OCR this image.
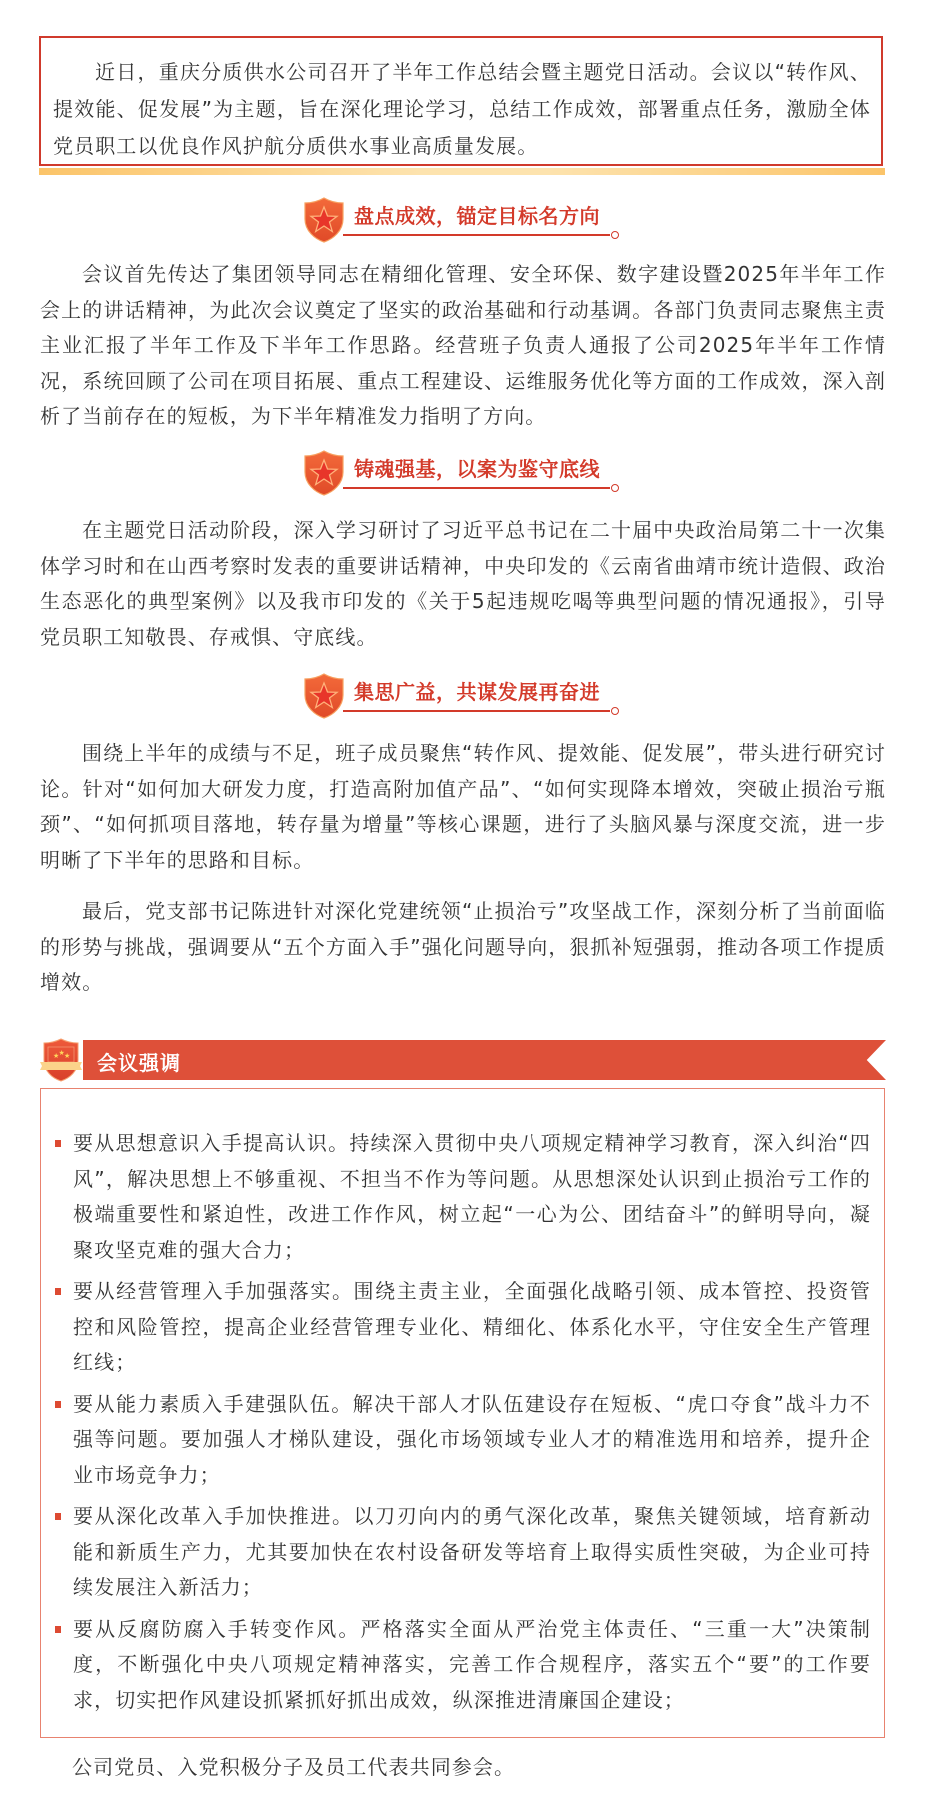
近日，重庆分质供水公司召开了半年工作总结会暨主题党日活动。会议以“转作风、提效能、促发展”为主题，旨在深化理论学习，总结工作成效，部署重点任务，激励全体党员职工以优良作风护航分质供水事业高质量发展。
盘点成效，锚定目标名方向
会议首先传达了集团领导同志在精细化管理、安全环保、数字建设暨2025年半年工作会上的讲话精神，为此次会议奠定了坚实的政治基础和行动基调。各部门负责同志聚焦主责主业汇报了半年工作及下半年工作思路。经营班子负责人通报了公司2025年半年工作情况，系统回顾了公司在项目拓展、重点工程建设、运维服务优化等方面的工作成效，深入剖析了当前存在的短板，为下半年精准发力指明了方向。
铸魂强基，以案为鉴守底线
在主题党日活动阶段，深入学习研讨了习近平总书记在二十届中央政治局第二十一次集体学习时和在山西考察时发表的重要讲话精神，中央印发的《云南省曲靖市统计造假、政治生态恶化的典型案例》以及我市印发的《关于5起违规吃喝等典型问题的情况通报》，引导党员职工知敬畏、存戒惧、守底线。
集思广益，共谋发展再奋进
围绕上半年的成绩与不足，班子成员聚焦“转作风、提效能、促发展”，带头进行研究讨论。针对“如何加大研发力度，打造高附加值产品”、“如何实现降本增效，突破止损治亏瓶颈”、“如何抓项目落地，转存量为增量”等核心课题，进行了头脑风暴与深度交流，进一步明晰了下半年的思路和目标。
最后，党支部书记陈进针对深化党建统领“止损治亏”攻坚战工作，深刻分析了当前面临的形势与挑战，强调要从“五个方面入手”强化问题导向，狠抓补短强弱，推动各项工作提质增效。
★ ★ ★ 会议强调
要从思想意识入手提高认识。持续深入贯彻中央八项规定精神学习教育，深入纠治“四风”，解决思想上不够重视、不担当不作为等问题。从思想深处认识到止损治亏工作的极端重要性和紧迫性，改进工作作风，树立起“一心为公、团结奋斗”的鲜明导向，凝聚攻坚克难的强大合力；
要从经营管理入手加强落实。围绕主责主业，全面强化战略引领、成本管控、投资管控和风险管控，提高企业经营管理专业化、精细化、体系化水平，守住安全生产管理红线；
要从能力素质入手建强队伍。解决干部人才队伍建设存在短板、“虎口夺食”战斗力不强等问题。要加强人才梯队建设，强化市场领域专业人才的精准选用和培养，提升企业市场竞争力；
要从深化改革入手加快推进。以刀刃向内的勇气深化改革，聚焦关键领域，培育新动能和新质生产力，尤其要加快在农村设备研发等培育上取得实质性突破，为企业可持续发展注入新活力；
要从反腐防腐入手转变作风。严格落实全面从严治党主体责任、“三重一大”决策制度，不断强化中央八项规定精神落实，完善工作合规程序，落实五个“要”的工作要求，切实把作风建设抓紧抓好抓出成效，纵深推进清廉国企建设；
公司党员、入党积极分子及员工代表共同参会。
